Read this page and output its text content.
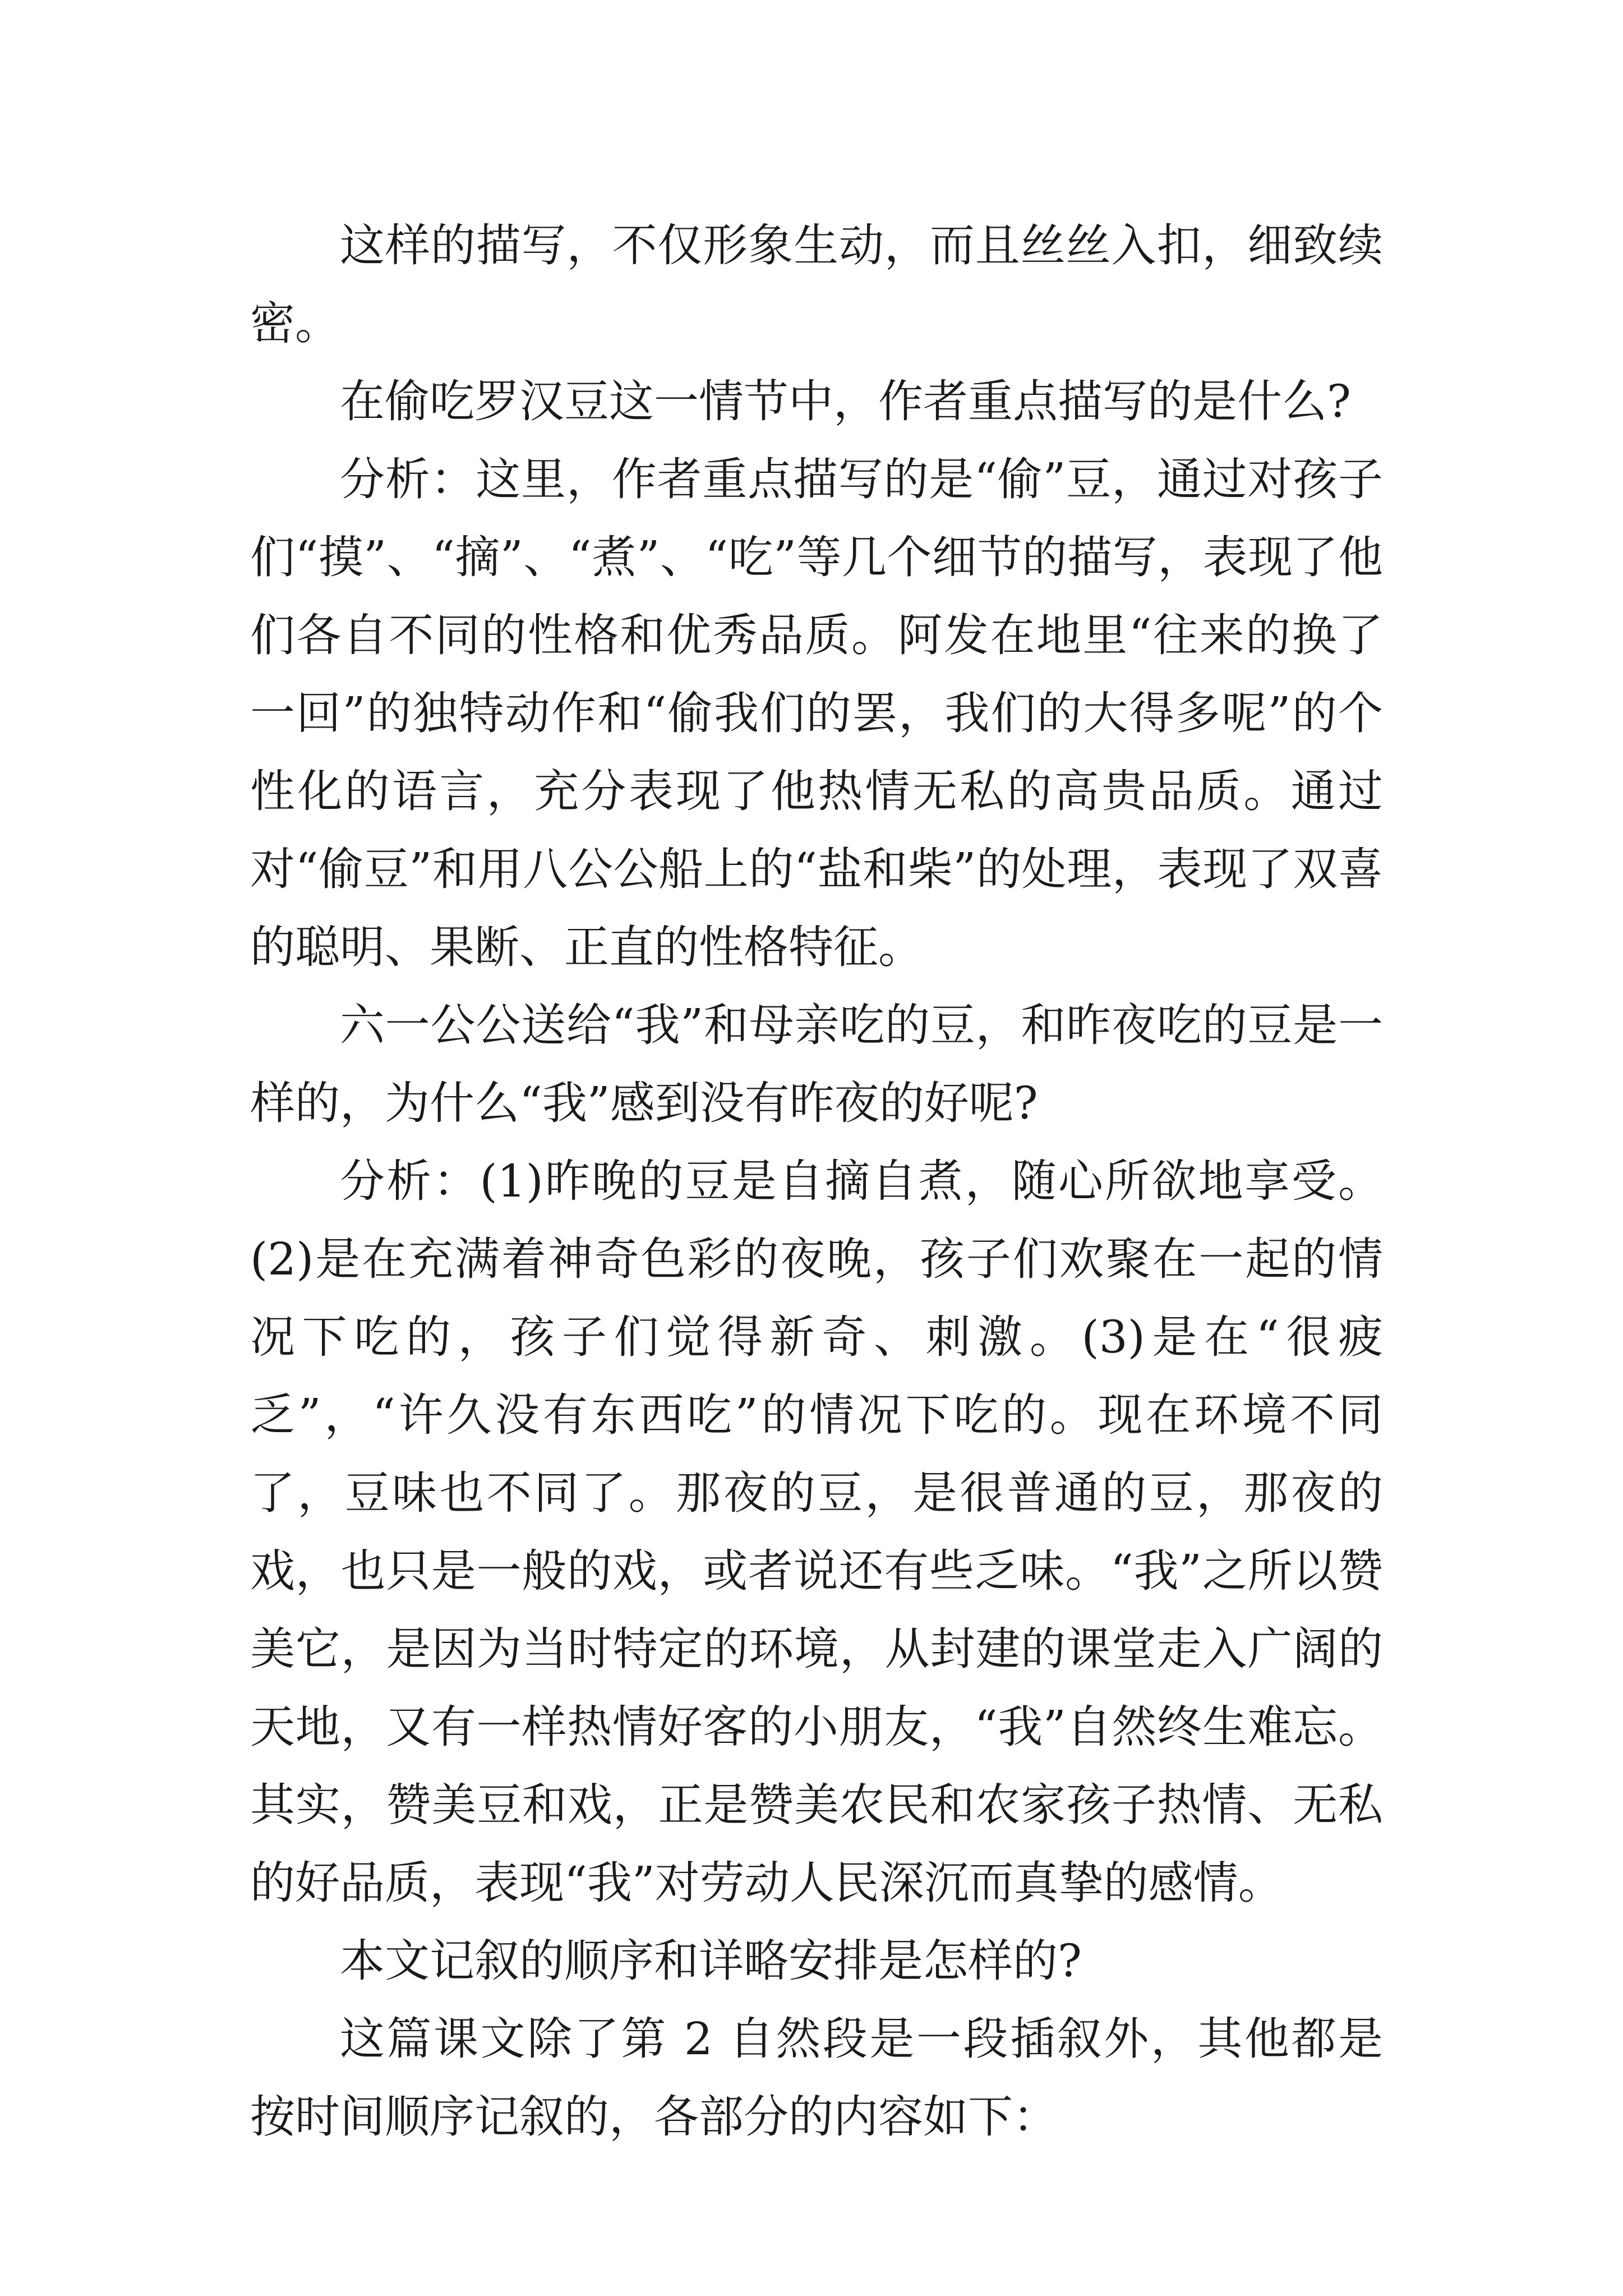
这样的描写，不仅形象生动，而且丝丝入扣，细致续密。

在偷吃罗汉豆这一情节中，作者重点描写的是什么?

分析：这里，作者重点描写的是“偷”豆，通过对孩子们“摸”、“摘”、“煮”、“吃”等几个细节的描写，表现了他们各自不同的性格和优秀品质。阿发在地里“往来的换了一回”的独特动作和“偷我们的罢，我们的大得多呢”的个性化的语言，充分表现了他热情无私的高贵品质。通过对“偷豆”和用八公公船上的“盐和柴”的处理，表现了双喜的聪明、果断、正直的性格特征。

六一公公送给“我”和母亲吃的豆，和昨夜吃的豆是一样的，为什么“我”感到没有昨夜的好呢?

分析：(1)昨晚的豆是自摘自煮，随心所欲地享受。(2)是在充满着神奇色彩的夜晚，孩子们欢聚在一起的情况下吃的，孩子们觉得新奇、刺激。(3)是在“很疲乏”，“许久没有东西吃”的情况下吃的。现在环境不同了，豆味也不同了。那夜的豆，是很普通的豆，那夜的戏，也只是一般的戏，或者说还有些乏味。“我”之所以赞美它，是因为当时特定的环境，从封建的课堂走入广阔的天地，又有一样热情好客的小朋友，“我”自然终生难忘。其实，赞美豆和戏，正是赞美农民和农家孩子热情、无私的好品质，表现“我”对劳动人民深沉而真挚的感情。

本文记叙的顺序和详略安排是怎样的?

这篇课文除了第 2 自然段是一段插叙外，其他都是按时间顺序记叙的，各部分的内容如下：
